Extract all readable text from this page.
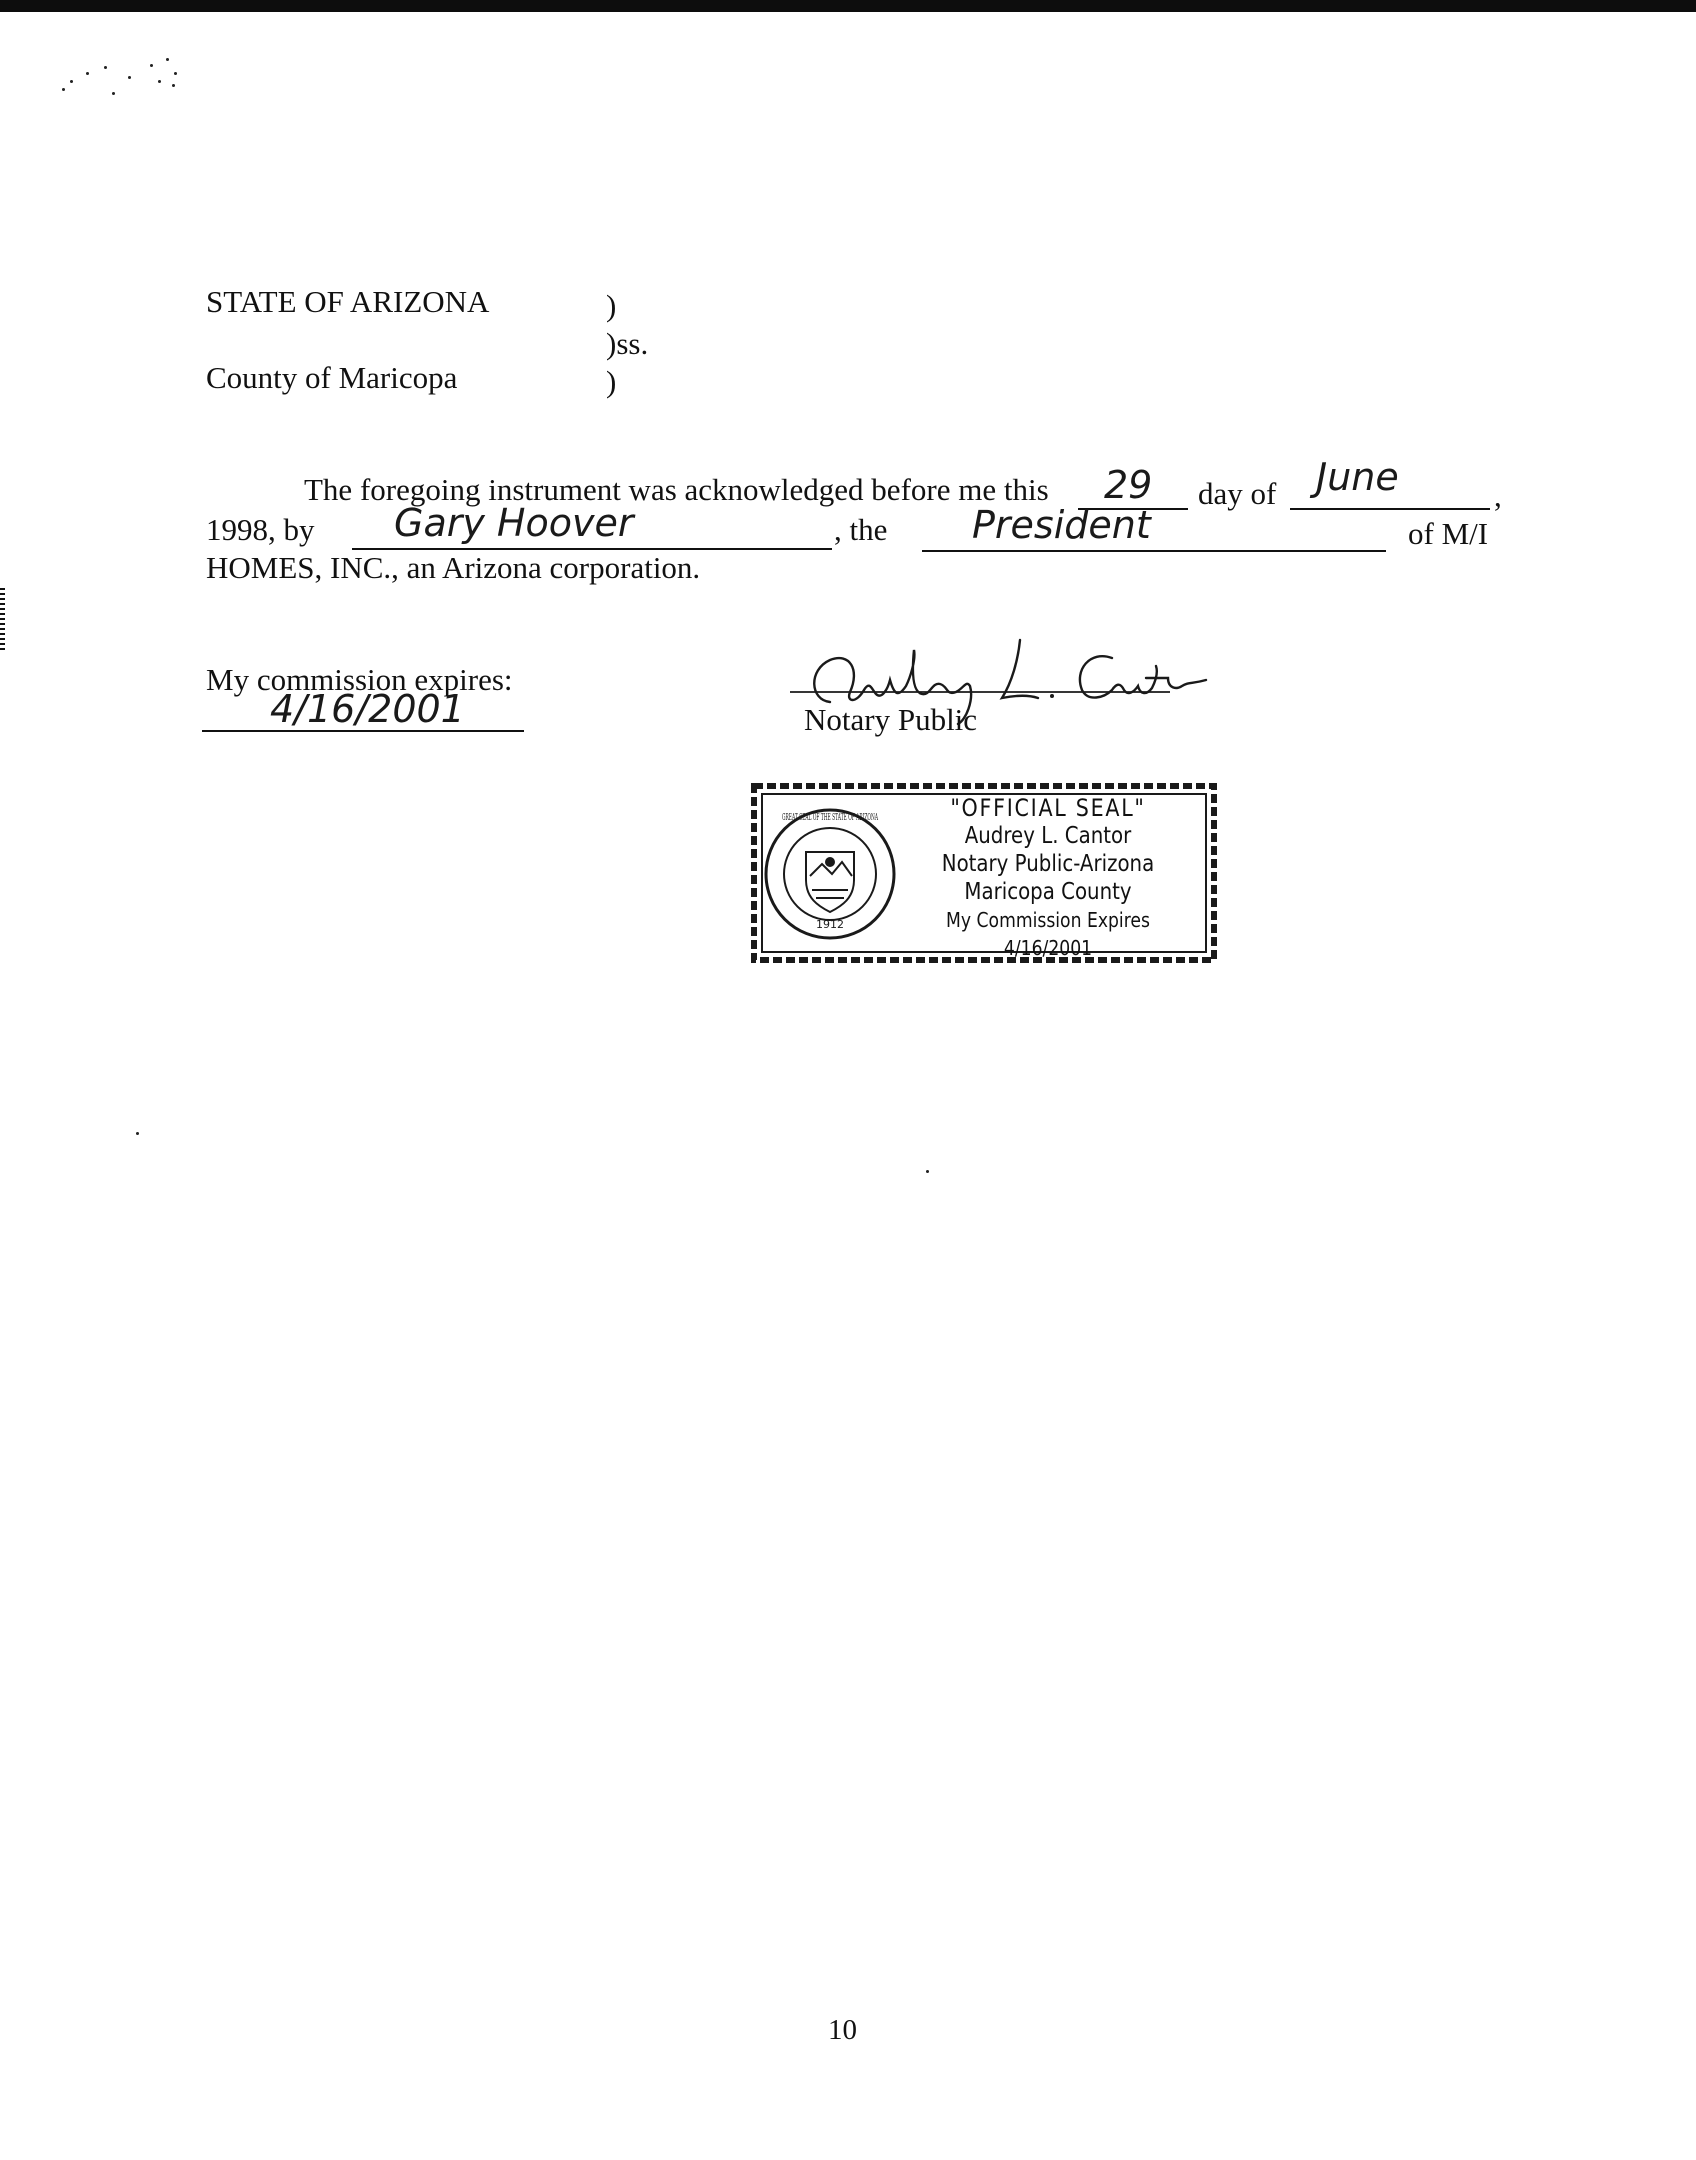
STATE OF ARIZONA	)
)ss.
County of Maricopa	)
The foregoing instrument was acknowledged before me this 29 day of June	,
1998, by Gary Hoover	, the President	of M/I
HOMES, INC., an Arizona corporation.
My commission expires:
4/16/2001	Notary Public
1912
GREAT SEAL OF THE STATE OF ARIZONA	"OFFICIAL SEAL"
Audrey L. Cantor
Notary Public-Arizona
Maricopa County
My Commission Expires 4/16/2001
10
